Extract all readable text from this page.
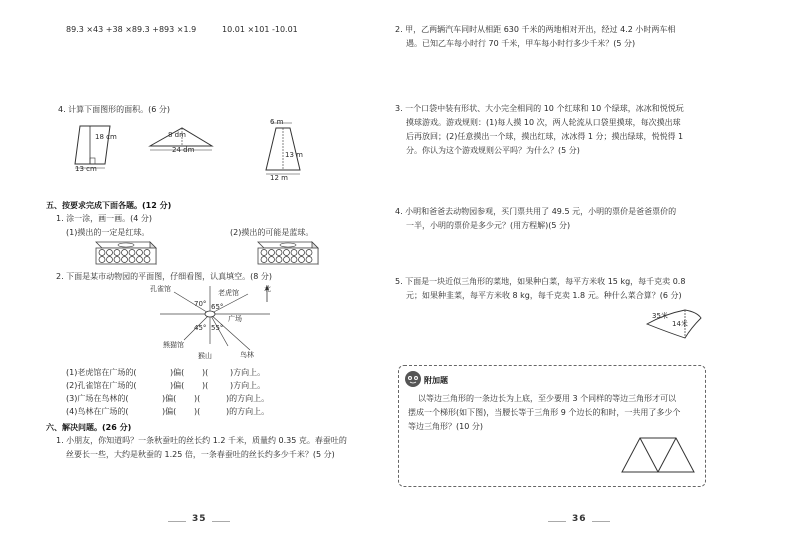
89.3 ×43 +38 ×89.3 +893 ×1.9	10.01 ×101 -10.01
4. 计算下面图形的面积。(6 分)
18 cm
13 cm
8 dm
24 dm
6 m
13 m
12 m
五、按要求完成下面各题。(12 分)
1. 涂一涂，画一画。(4 分)
(1)摸出的一定是红球。	(2)摸出的可能是蓝球。
2. 下面是某市动物园的平面图，仔细看图，认真填空。(8 分)
孔雀馆	老虎馆	北
70° 65°
广场
45° 55°
熊猫馆
猴山	鸟林
(1)老虎馆在广场的(	)偏( )(	)方向上。
(2)孔雀馆在广场的(	)偏( )(	)方向上。
(3)广场在鸟林的(	)偏( )(	)的方向上。
(4)鸟林在广场的(	)偏( )(	)的方向上。
六、解决问题。(26 分)
1. 小朋友，你知道吗？一条秋蚕吐的丝长约 1.2 千米，质量约 0.35 克。春蚕吐的
丝要长一些，大约是秋蚕的 1.25 倍，一条春蚕吐的丝长约多少千米？(5 分)
35
2. 甲，乙两辆汽车同时从相距 630 千米的两地相对开出，经过 4.2 小时两车相
遇。已知乙车每小时行 70 千米，甲车每小时行多少千米？(5 分)
3. 一个口袋中装有形状、大小完全相同的 10 个红球和 10 个绿球，冰冰和悦悦玩
摸球游戏。游戏规则：(1)每人摸 10 次，两人轮流从口袋里摸球，每次摸出球
后再放回；(2)任意摸出一个球，摸出红球，冰冰得 1 分；摸出绿球，悦悦得 1
分。你认为这个游戏规则公平吗？为什么？(5 分)
4. 小明和爸爸去动物园参观，买门票共用了 49.5 元，小明的票价是爸爸票价的
一半，小明的票价是多少元？(用方程解)(5 分)
5. 下面是一块近似三角形的菜地，如果种白菜，每平方米收 15 kg，每千克卖 0.8
元；如果种韭菜，每平方米收 8 kg，每千克卖 1.8 元。种什么菜合算？(6 分)
35米
14米
附加题
以等边三角形的一条边长为上底，至少要用 3 个同样的等边三角形才可以
摆成一个梯形(如下图)，当腰长等于三角形 9 个边长的和时，一共用了多少个
等边三角形？(10 分)
36
